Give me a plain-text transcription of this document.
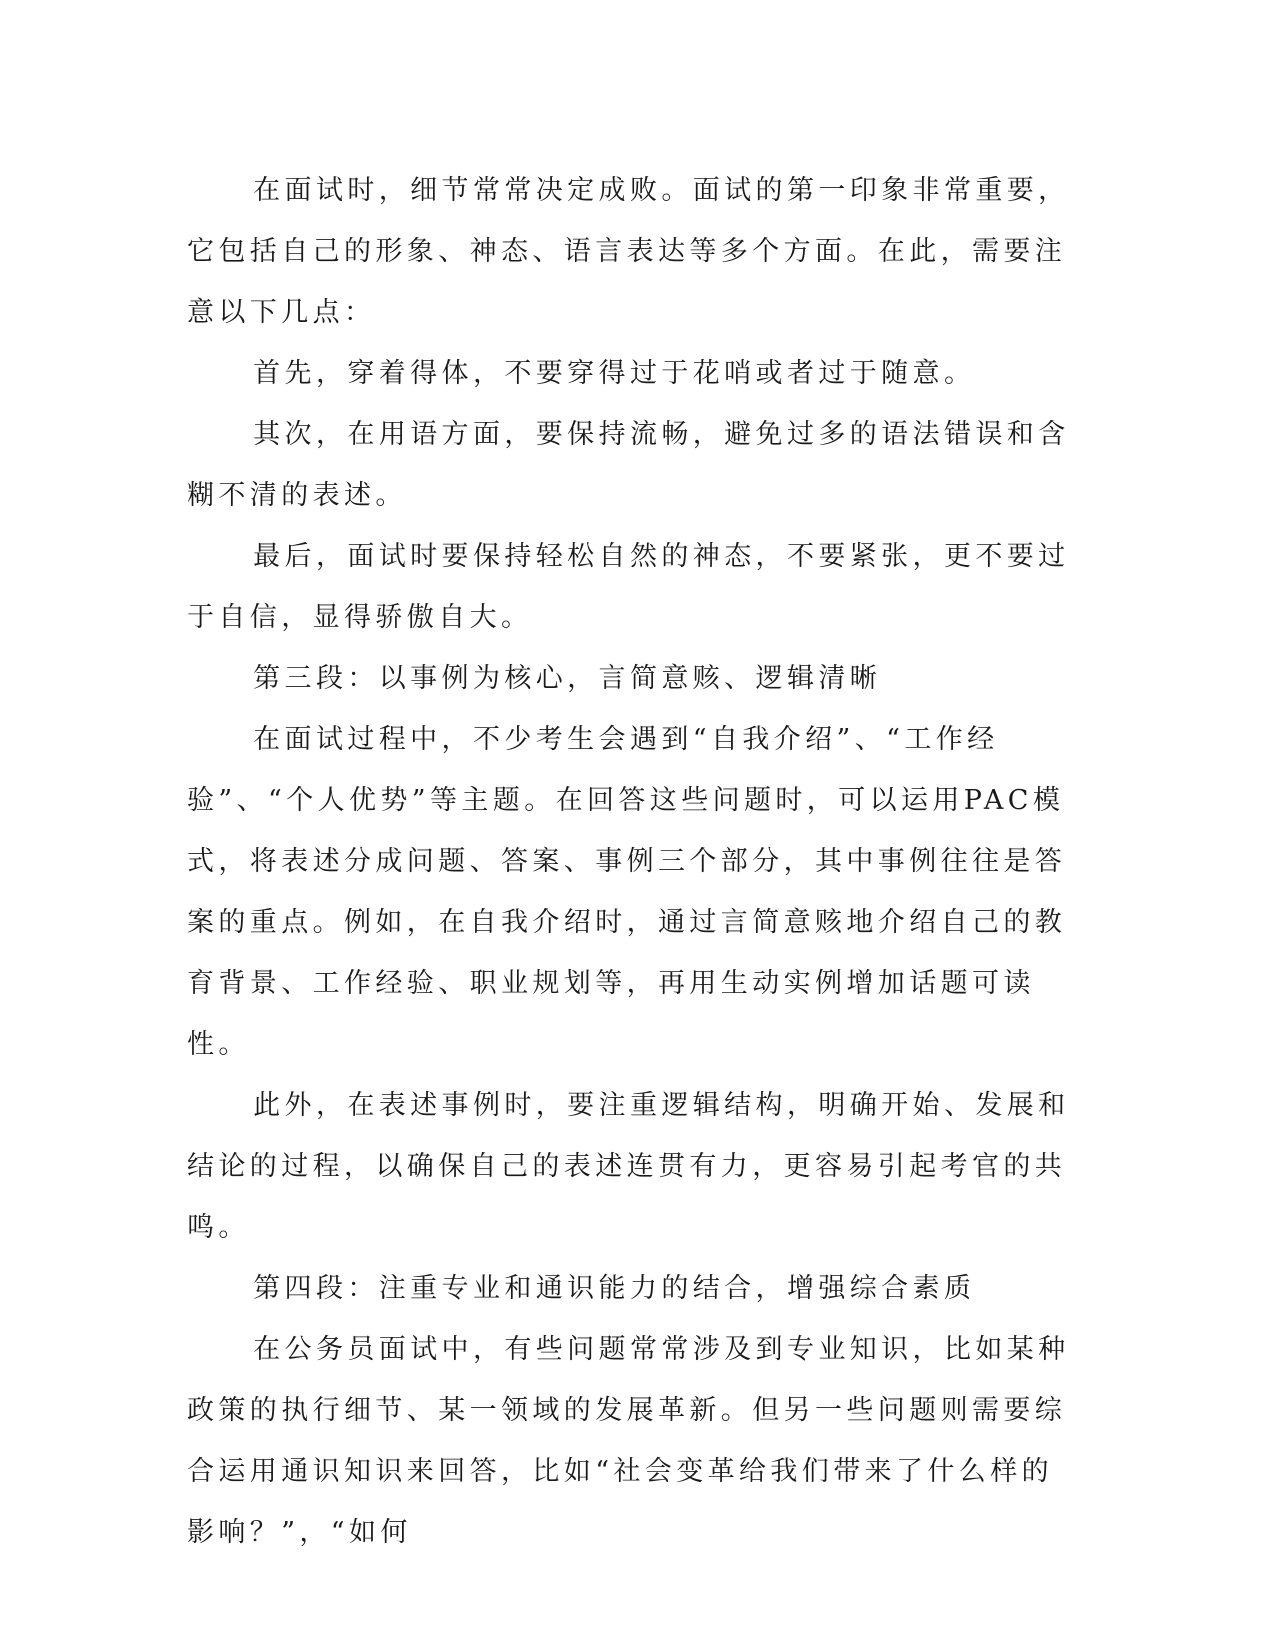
在面试时，细节常常决定成败。面试的第一印象非常重要，它包括自己的形象、神态、语言表达等多个方面。在此，需要注意以下几点：

首先，穿着得体，不要穿得过于花哨或者过于随意。

其次，在用语方面，要保持流畅，避免过多的语法错误和含糊不清的表述。

最后，面试时要保持轻松自然的神态，不要紧张，更不要过于自信，显得骄傲自大。

第三段：以事例为核心，言简意赅、逻辑清晰

在面试过程中，不少考生会遇到“自我介绍”、“工作经验”、“个人优势”等主题。在回答这些问题时，可以运用PAC模式，将表述分成问题、答案、事例三个部分，其中事例往往是答案的重点。例如，在自我介绍时，通过言简意赅地介绍自己的教育背景、工作经验、职业规划等，再用生动实例增加话题可读性。

此外，在表述事例时，要注重逻辑结构，明确开始、发展和结论的过程，以确保自己的表述连贯有力，更容易引起考官的共鸣。

第四段：注重专业和通识能力的结合，增强综合素质

在公务员面试中，有些问题常常涉及到专业知识，比如某种政策的执行细节、某一领域的发展革新。但另一些问题则需要综合运用通识知识来回答，比如“社会变革给我们带来了什么样的影响？”，“如何
